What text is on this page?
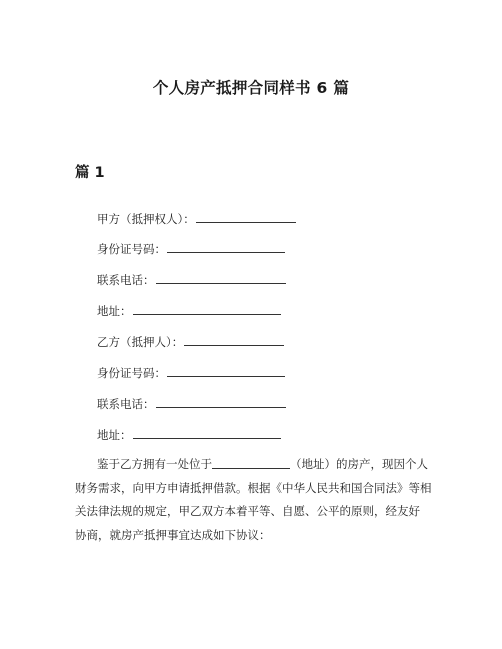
个人房产抵押合同样书 6 篇
篇 1
甲方（抵押权人）：
身份证号码：
联系电话：
地址：
乙方（抵押人）：
身份证号码：
联系电话：
地址：
鉴于乙方拥有一处位于	（地址）的房产，现因个人
财务需求，向甲方申请抵押借款。根据《中华人民共和国合同法》等相
关法律法规的规定，甲乙双方本着平等、自愿、公平的原则，经友好
协商，就房产抵押事宜达成如下协议：
